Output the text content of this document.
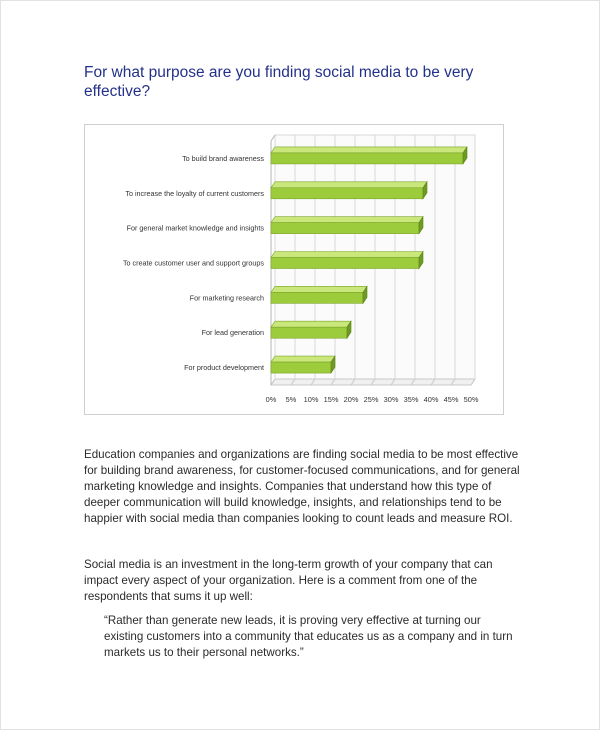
For what purpose are you finding social media to be very effective?
0% 5% 10% 15% 20% 25% 30% 35% 40% 45% 50%
To build brand awareness
To increase the loyalty of current customers
For general market knowledge and insights
To create customer user and support groups
For marketing research
For lead generation
For product development

Education companies and organizations are finding social media to be most effective for building brand awareness, for customer-focused communications, and for general marketing knowledge and insights. Companies that understand how this type of deeper communication will build knowledge, insights, and relationships tend to be happier with social media than companies looking to count leads and measure ROI.

Social media is an investment in the long-term growth of your company that can impact every aspect of your organization. Here is a comment from one of the respondents that sums it up well:

“Rather than generate new leads, it is proving very effective at turning our existing customers into a community that educates us as a company and in turn markets us to their personal networks.”
